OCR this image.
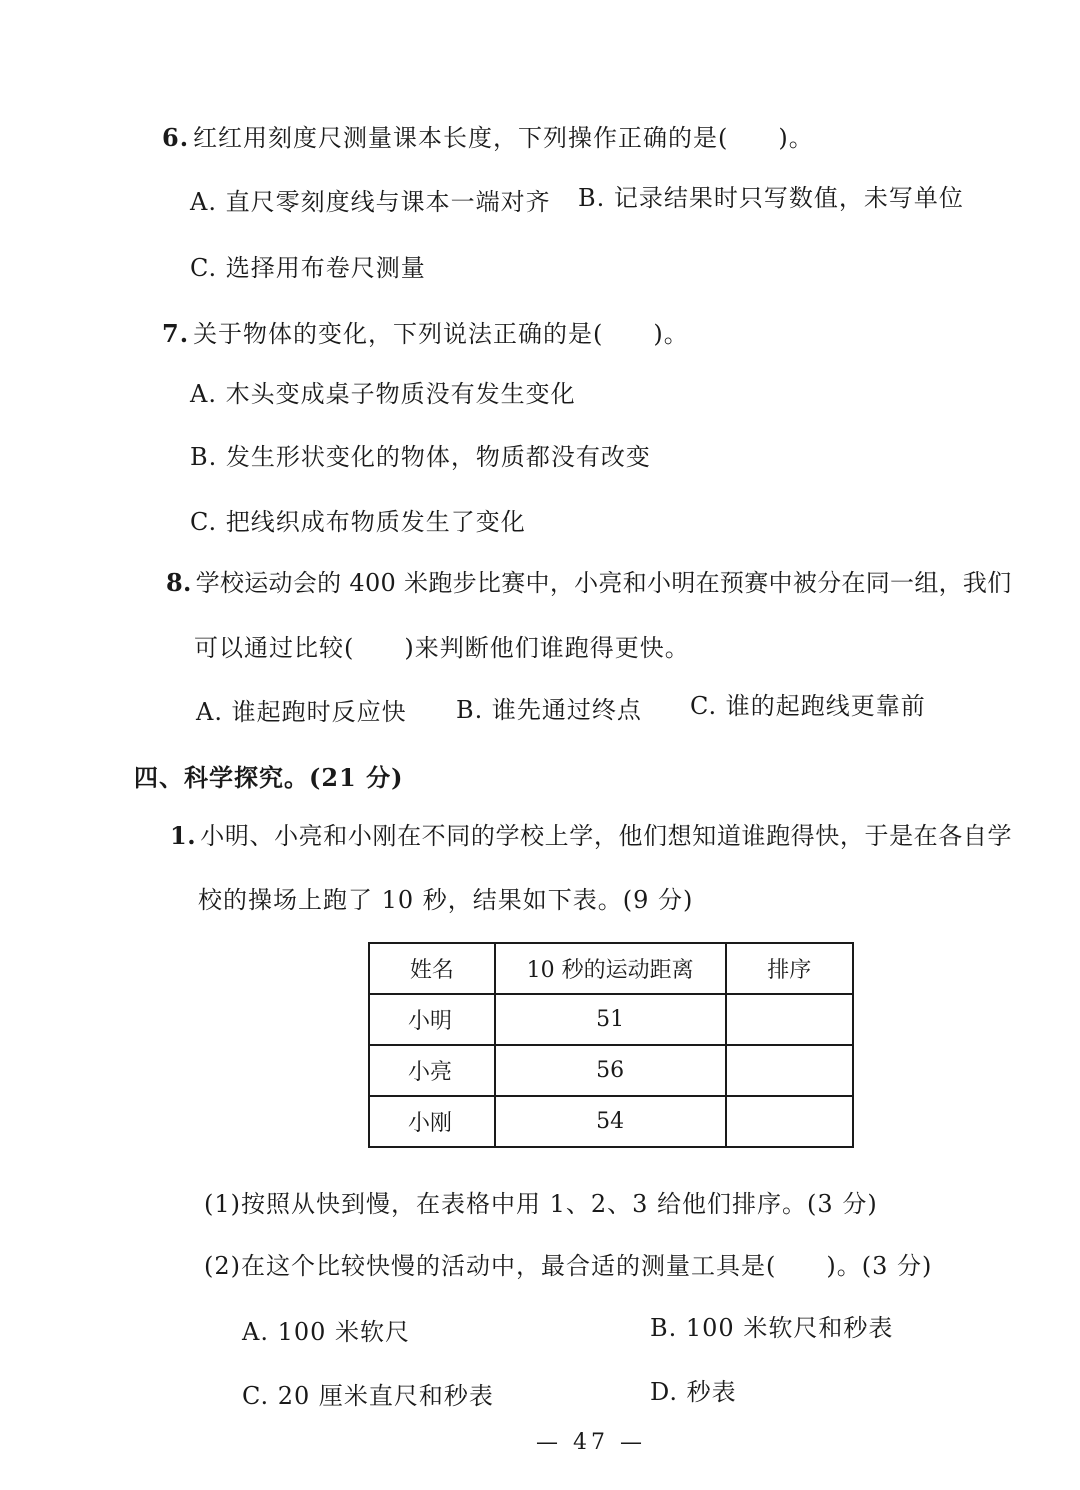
6. 红红用刻度尺测量课本长度，下列操作正确的是(　　)。
A. 直尺零刻度线与课本一端对齐 B. 记录结果时只写数值，未写单位
C. 选择用布卷尺测量
7. 关于物体的变化，下列说法正确的是(　　)。
A. 木头变成桌子物质没有发生变化
B. 发生形状变化的物体，物质都没有改变
C. 把线织成布物质发生了变化
8. 学校运动会的 400 米跑步比赛中，小亮和小明在预赛中被分在同一组，我们
可以通过比较(　　)来判断他们谁跑得更快。
A. 谁起跑时反应快 B. 谁先通过终点 C. 谁的起跑线更靠前
四、科学探究。(21 分)
1. 小明、小亮和小刚在不同的学校上学，他们想知道谁跑得快，于是在各自学
校的操场上跑了 10 秒，结果如下表。(9 分)
姓名	10 秒的运动距离	排序
小明	51	
小亮	56	
小刚	54	
(1)按照从快到慢，在表格中用 1、2、3 给他们排序。(3 分)
(2)在这个比较快慢的活动中，最合适的测量工具是(　　)。(3 分)
A. 100 米软尺	B. 100 米软尺和秒表
C. 20 厘米直尺和秒表	D. 秒表
— 47 —
